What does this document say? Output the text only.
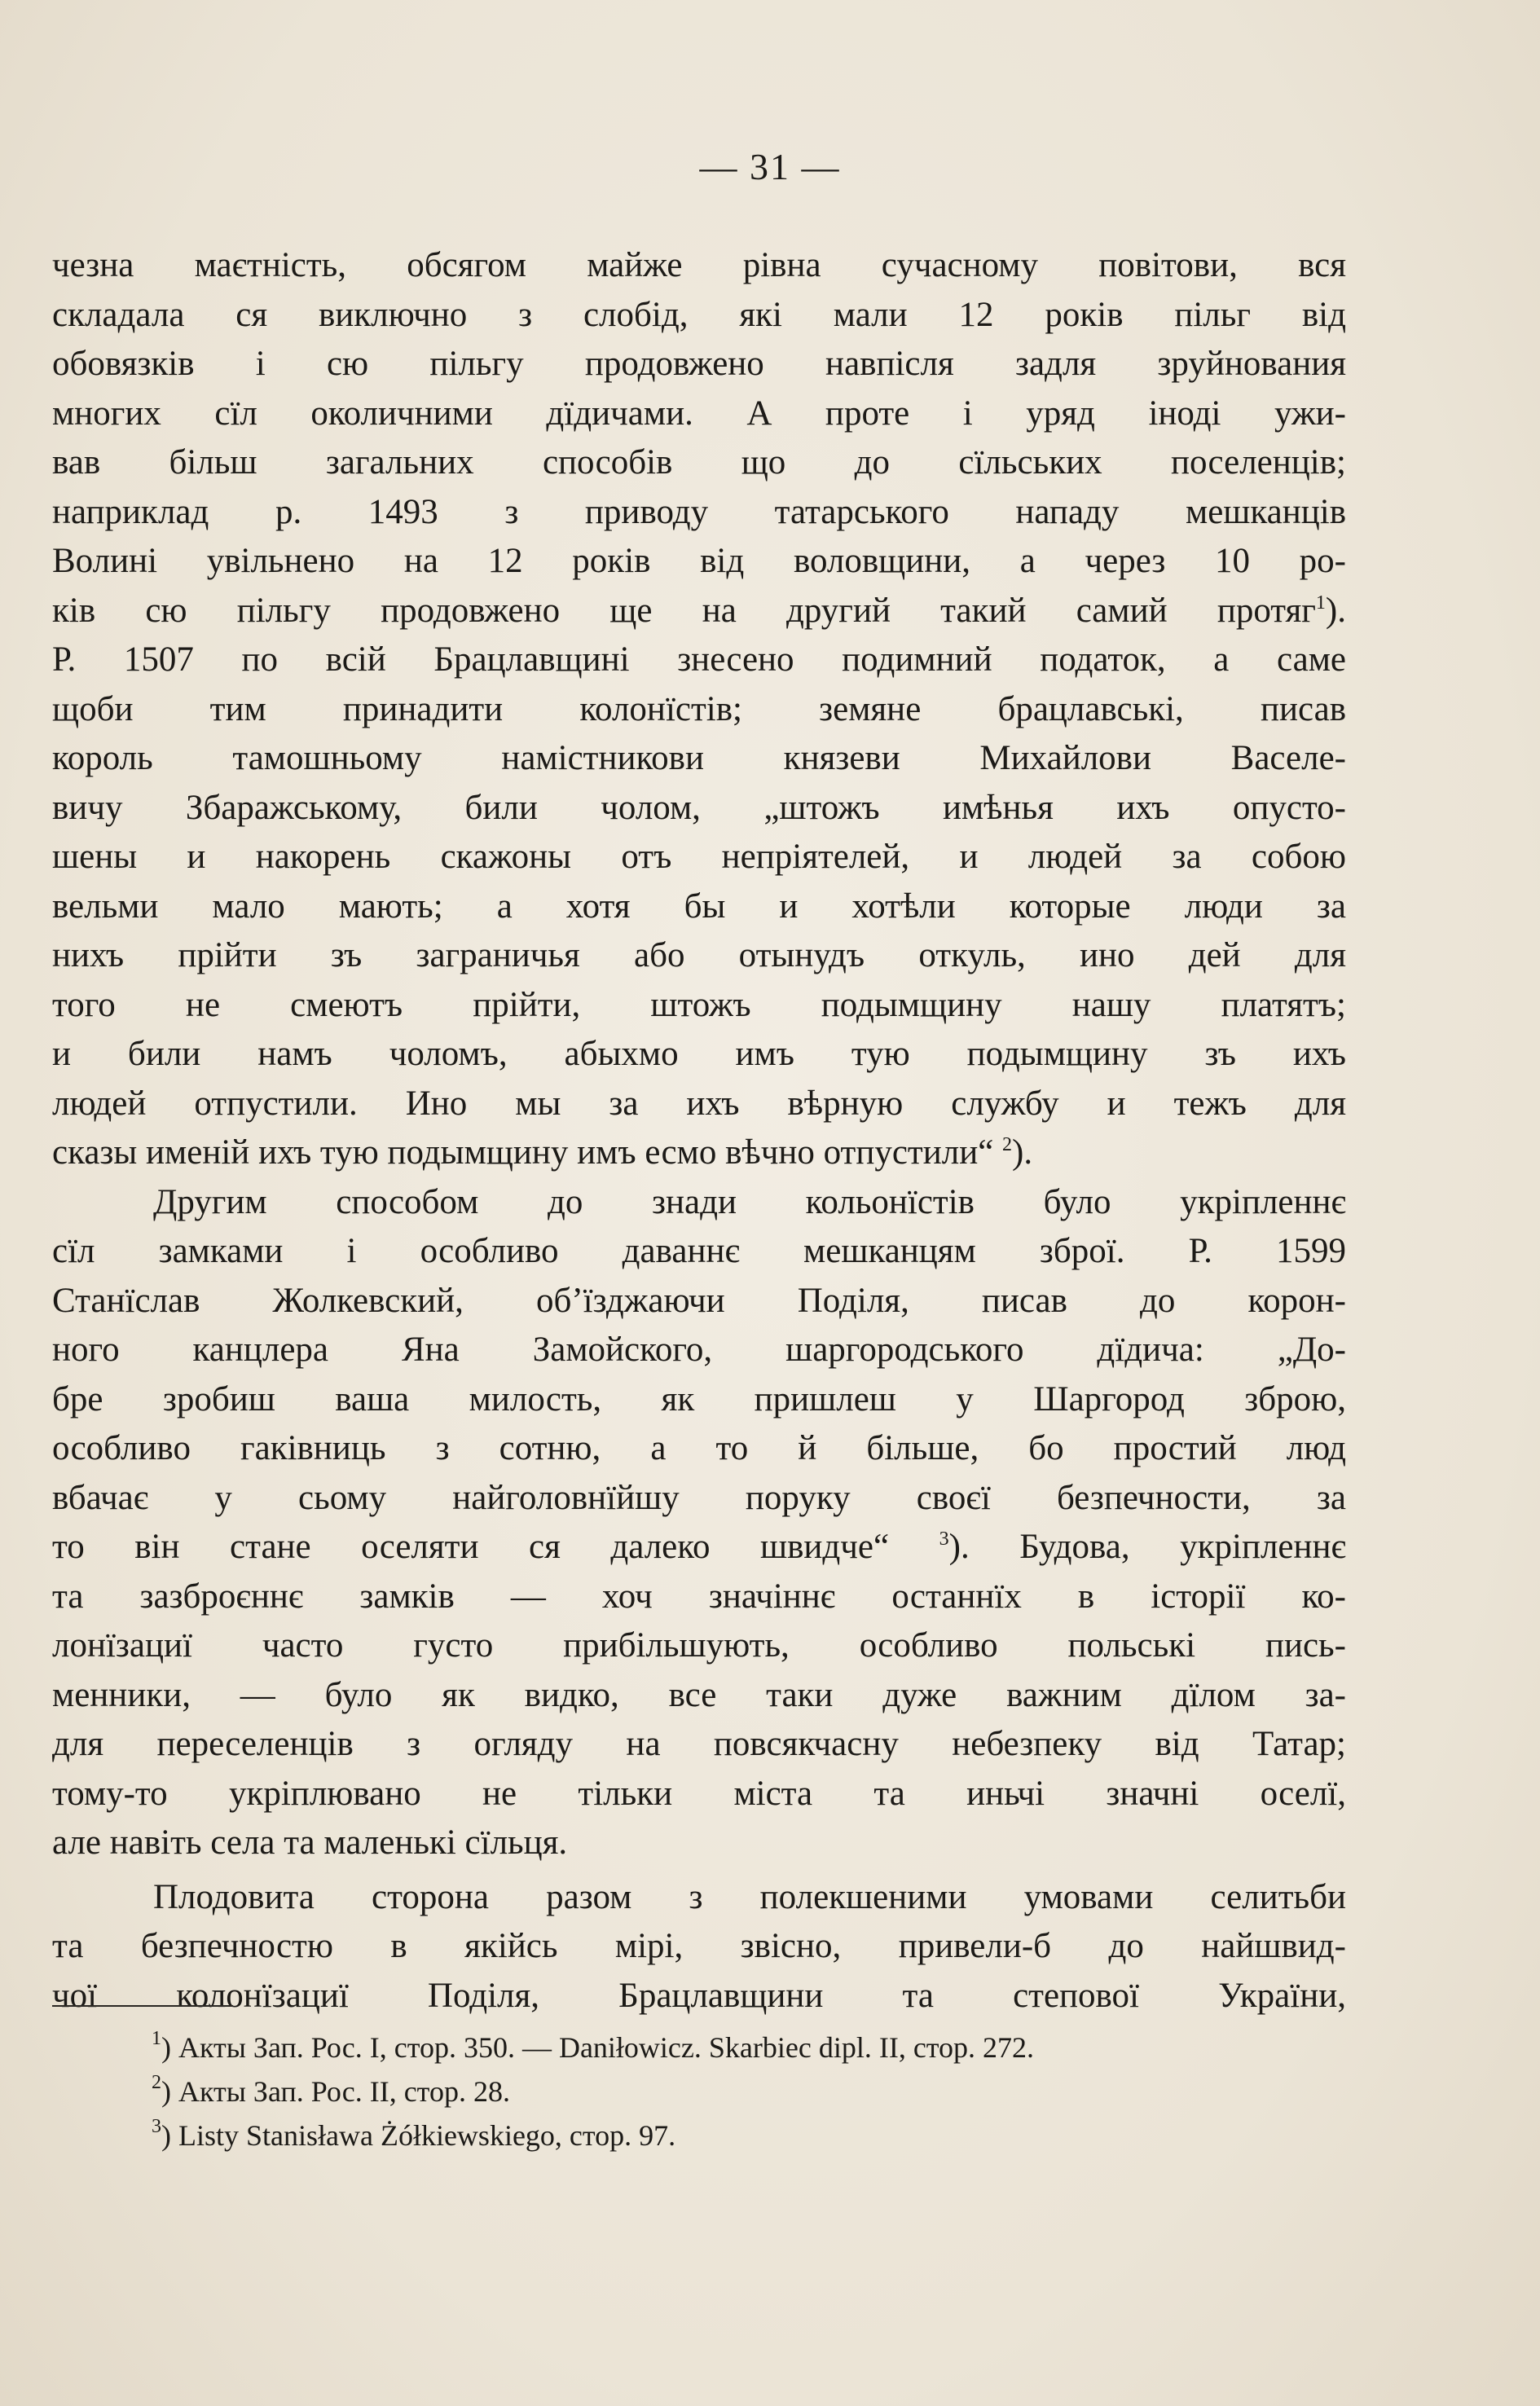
— 31 —
чезна маєтність, обсягом майже рівна сучасному повітови, вся
складала ся виключно з слобід, які мали 12 років пільг від
обовязків і сю пільгу продовжено навпісля задля зруйнования
многих сїл околичними дїдичами. А проте і уряд іноді ужи-
вав більш загальних способів що до сїльських поселенців;
наприклад р. 1493 з приводу татарського нападу мешканців
Волині увільнено на 12 років від воловщини, а через 10 ро-
ків сю пільгу продовжено ще на другий такий самий протяг$^1$).
Р. 1507 по всій Брацлавщині знесено подимний податок, а саме
щоби тим принадити колонїстів; земяне брацлавські, писав
король тамошньому намістникови князеви Михайлови Васеле-
вичу Збаражському, били чолом, „штожъ имѣнья ихъ опусто-
шены и накорень скажоны отъ непріятелей, и людей за собою
вельми мало мають; а хотя бы и хотѣли которые люди за
нихъ прійти зъ заграничья або отынудъ откуль, ино дей для
того не смеютъ прійти, штожъ подымщину нашу платятъ;
и били намъ чоломъ, абыхмо имъ тую подымщину зъ ихъ
людей отпустили. Ино мы за ихъ вѣрную службу и тежъ для
сказы именій ихъ тую подымщину имъ есмо вѣчно отпустили“ $^2$).
Другим способом до знади кольонїстів було укріпленнє
сїл замками і особливо даваннє мешканцям зброї. Р. 1599
Станїслав Жолкевский, обʼїзджаючи Поділя, писав до корон-
ного канцлера Яна Замойского, шаргородського дїдича: „До-
бре зробиш ваша милость, як пришлеш у Шаргород зброю,
особливо гаківниць з сотню, а то й більше, бо простий люд
вбачає у сьому найголовнїйшу поруку своєї безпечности, за
то він стане оселяти ся далеко швидче“	$^3$). Будова, укріпленнє
та зазброєннє замків — хоч значіннє останнїх в історії ко-
лонїзациї часто густо прибільшують, особливо польські пись-
менники, — було як видко, все таки дуже важним дїлом за-
для переселенців з огляду на повсякчасну небезпеку від Татар;
тому-то укріплювано не тільки міста та иньчі значні оселї,
але навіть села та маленькі сїльця.
Плодовита сторона разом з полекшеними умовами селитьби
та безпечностю в якійсь мірі, звісно, привели-б до найшвид-
чої колонїзациї Поділя, Брацлавщини та степової України,
$^1$) Акты Зап. Рос. I, стор. 350. — Daniłowicz. Skarbiec dipl. II, стор. 272.
$^2$) Акты Зап. Рос. II, стор. 28.
$^3$) Listy Stanisława Żółkiewskiego, стор. 97.
